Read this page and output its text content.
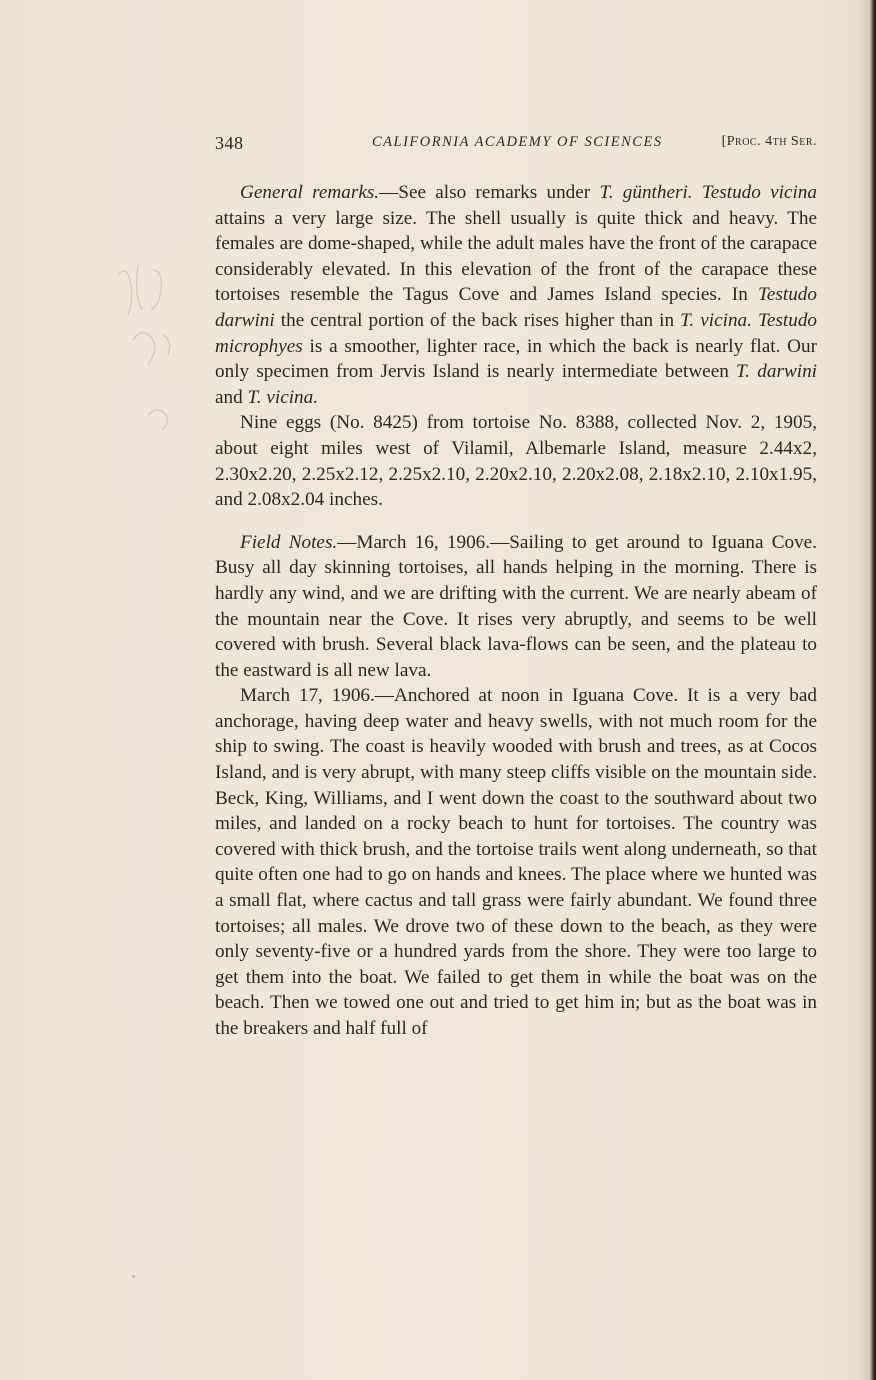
348	CALIFORNIA ACADEMY OF SCIENCES	[Proc. 4th Ser.

General remarks.—See also remarks under T. güntheri. Testudo vicina attains a very large size. The shell usually is quite thick and heavy. The females are dome-shaped, while the adult males have the front of the carapace considerably elevated. In this elevation of the front of the carapace these tortoises resemble the Tagus Cove and James Island species. In Testudo darwini the central portion of the back rises higher than in T. vicina. Testudo microphyes is a smoother, lighter race, in which the back is nearly flat. Our only specimen from Jervis Island is nearly intermediate between T. darwini and T. vicina.

Nine eggs (No. 8425) from tortoise No. 8388, collected Nov. 2, 1905, about eight miles west of Vilamil, Albemarle Island, measure 2.44x2, 2.30x2.20, 2.25x2.12, 2.25x2.10, 2.20x2.10, 2.20x2.08, 2.18x2.10, 2.10x1.95, and 2.08x2.04 inches.

Field Notes.—March 16, 1906.—Sailing to get around to Iguana Cove. Busy all day skinning tortoises, all hands helping in the morning. There is hardly any wind, and we are drifting with the current. We are nearly abeam of the mountain near the Cove. It rises very abruptly, and seems to be well covered with brush. Several black lava-flows can be seen, and the plateau to the eastward is all new lava.

March 17, 1906.—Anchored at noon in Iguana Cove. It is a very bad anchorage, having deep water and heavy swells, with not much room for the ship to swing. The coast is heavily wooded with brush and trees, as at Cocos Island, and is very abrupt, with many steep cliffs visible on the mountain side. Beck, King, Williams, and I went down the coast to the southward about two miles, and landed on a rocky beach to hunt for tortoises. The country was covered with thick brush, and the tortoise trails went along underneath, so that quite often one had to go on hands and knees. The place where we hunted was a small flat, where cactus and tall grass were fairly abundant. We found three tortoises; all males. We drove two of these down to the beach, as they were only seventy-five or a hundred yards from the shore. They were too large to get them into the boat. We failed to get them in while the boat was on the beach. Then we towed one out and tried to get him in; but as the boat was in the breakers and half full of
